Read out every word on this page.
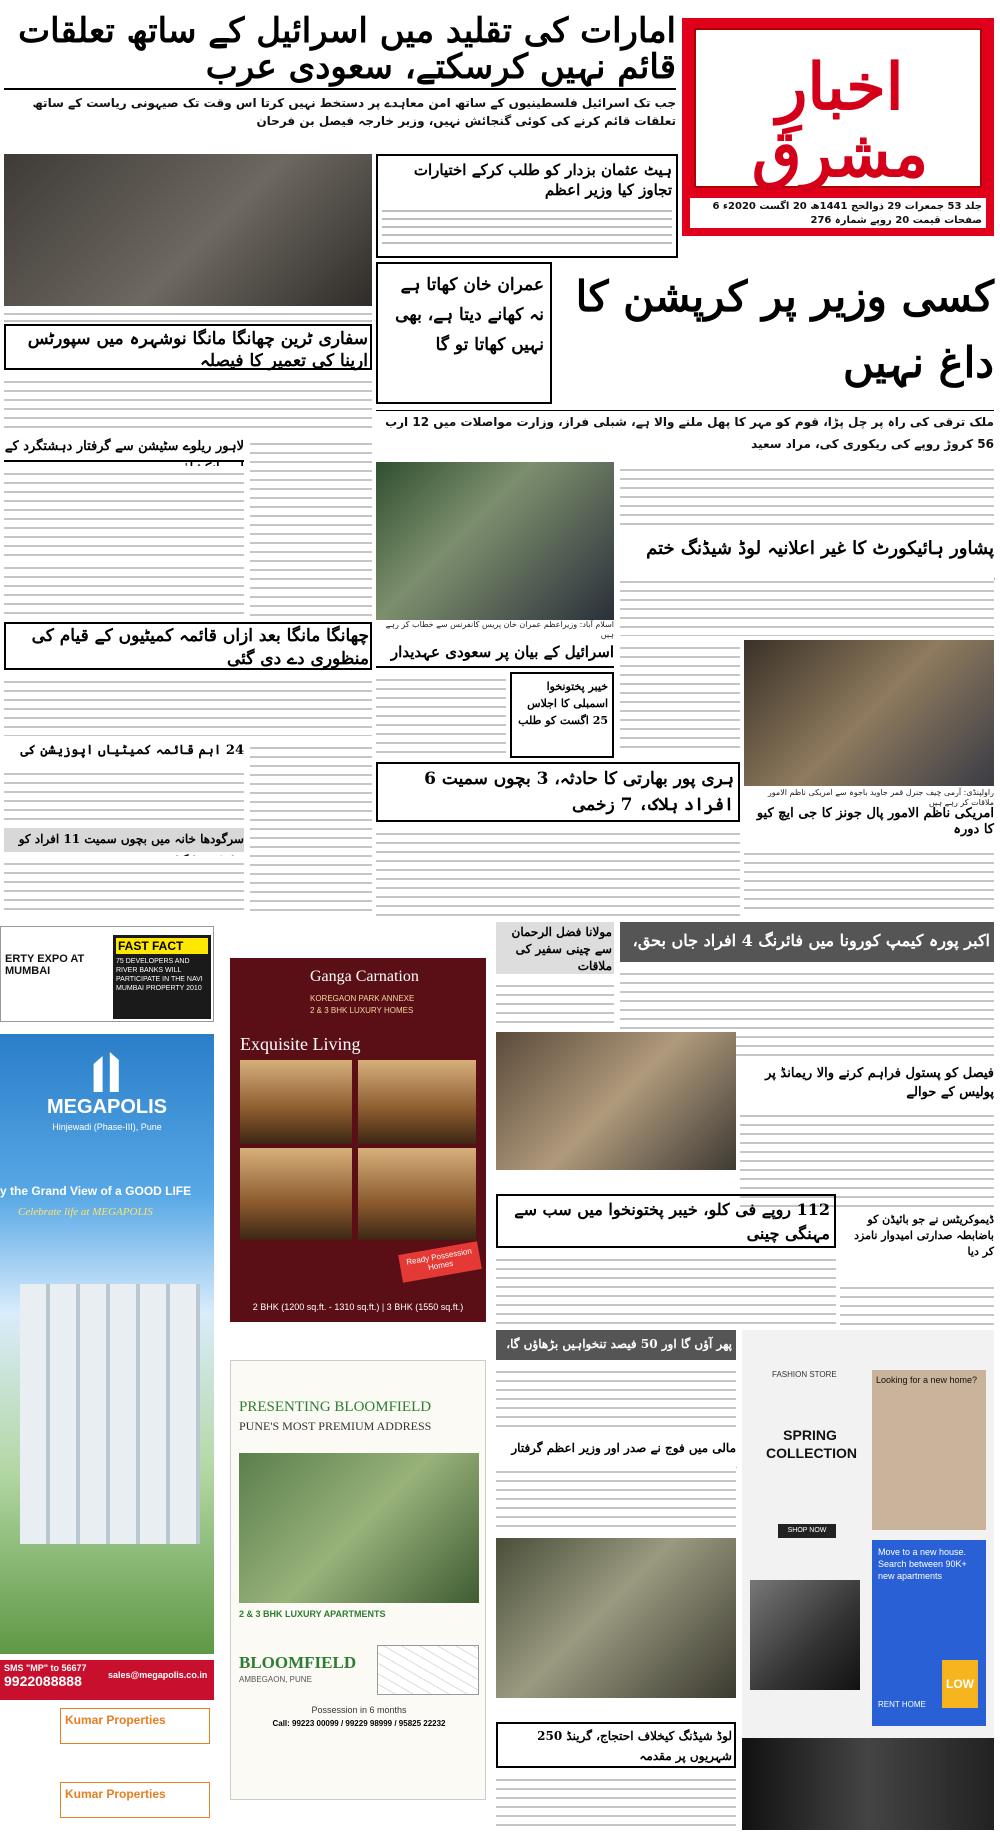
اخبارِ مشرق
جلد 53 جمعرات 29 ذوالحج 1441ھ 20 اگست 2020ء 6 صفحات قیمت 20 روپے شمارہ 276
امارات کی تقلید میں اسرائیل کے ساتھ تعلقات قائم نہیں کرسکتے، سعودی عرب
جب تک اسرائیل فلسطینیوں کے ساتھ امن معاہدے پر دستخط نہیں کرتا اس وقت تک صیہونی ریاست کے ساتھ تعلقات قائم کرنے کی کوئی گنجائش نہیں، وزیر خارجہ فیصل بن فرحان
ہیٹ عثمان بزدار کو طلب کرکے اختیارات تجاوز کیا وزیر اعظم
کسی وزیر پر کرپشن کا داغ نہیں
عمران خان کھاتا ہے نہ کھانے دیتا ہے، بھی نہیں کھاتا تو گا
ملک ترقی کی راہ پر چل پڑا، قوم کو مہر کا پھل ملنے والا ہے، شبلی فراز، وزارت مواصلات میں 12 ارب 56 کروڑ روپے کی ریکوری کی، مراد سعید
سفاری ٹرین چھانگا مانگا نوشہرہ میں سپورٹس ارینا کی تعمیر کا فیصلہ
لاہور ریلوے سٹیشن سے گرفتار دہشتگرد کے
چھانگا مانگا بعد ازاں قائمہ کمیٹیوں کے قیام کی منظوری دے دی گئی
24 اہم قائمہ کمیٹیاں اپوزیشن کی
سرگودھا خانہ میں بچوں سمیت 11 افراد کو
اسلام آباد: وزیراعظم عمران خان پریس کانفرنس سے خطاب کر رہے ہیں
پشاور ہائیکورٹ کا غیر اعلانیہ لوڈ شیڈنگ ختم
راولپنڈی: آرمی چیف جنرل قمر جاوید باجوہ سے امریکی ناظم الامور ملاقات کر رہے ہیں
اسرائیل کے بیان پر سعودی عہدیدار
خیبر پختونخوا اسمبلی کا اجلاس 25 اگست کو طلب
ہری پور بھارتی کا حادثہ، 3 بچوں سمیت 6 افراد ہلاک، 7 زخمی	امریکی ناظم الامور پال جونز کا جی ایچ کیو کا دورہ
ERTY EXPO AT MUMBAI
FAST FACT
75 DEVELOPERS AND RIVER BANKS WILL PARTICIPATE IN THE NAVI MUMBAI PROPERTY 2010
MEGAPOLIS
Hinjewadi (Phase-III), Pune
y the Grand View of a GOOD LIFE
Celebrate life at MEGAPOLIS
SMS "MP" to 56677
9922088888	sales@megapolis.co.in
Kumar Properties
Kumar Properties
Ganga Carnation
KOREGAON PARK ANNEXE
2 & 3 BHK LUXURY HOMES
Exquisite Living
Ready Possession Homes
2 BHK (1200 sq.ft. - 1310 sq.ft.) | 3 BHK (1550 sq.ft.)
PRESENTING BLOOMFIELD
PUNE'S MOST PREMIUM ADDRESS
2 & 3 BHK LUXURY APARTMENTS
BLOOMFIELD
AMBEGAON, PUNE
Possession in 6 months
Call: 99223 00099 / 99229 98999 / 95825 22232
اکبر پورہ کیمپ کورونا میں فائرنگ 4 افراد جاں بحق،
مولانا فضل الرحمان سے چینی سفیر کی ملاقات
فیصل کو پستول فراہم کرنے والا ریمانڈ پر پولیس کے حوالے
112 روپے فی کلو، خیبر پختونخوا میں سب سے مہنگی چینی
ڈیموکریٹس نے جو بائیڈن کو باضابطہ صدارتی امیدوار نامزد کر دیا
پھر آؤں گا اور 50 فیصد تنخواہیں بڑھاؤں گا،
مالی میں فوج نے صدر اور وزیر اعظم گرفتار
لوڈ شیڈنگ کیخلاف احتجاج، گرینڈ 250 شہریوں پر مقدمہ
FASHION STORE
SPRING COLLECTION
SHOP NOW
Looking for a new home?
Move to a new house. Search between 90K+ new apartments
LOW
RENT HOME
